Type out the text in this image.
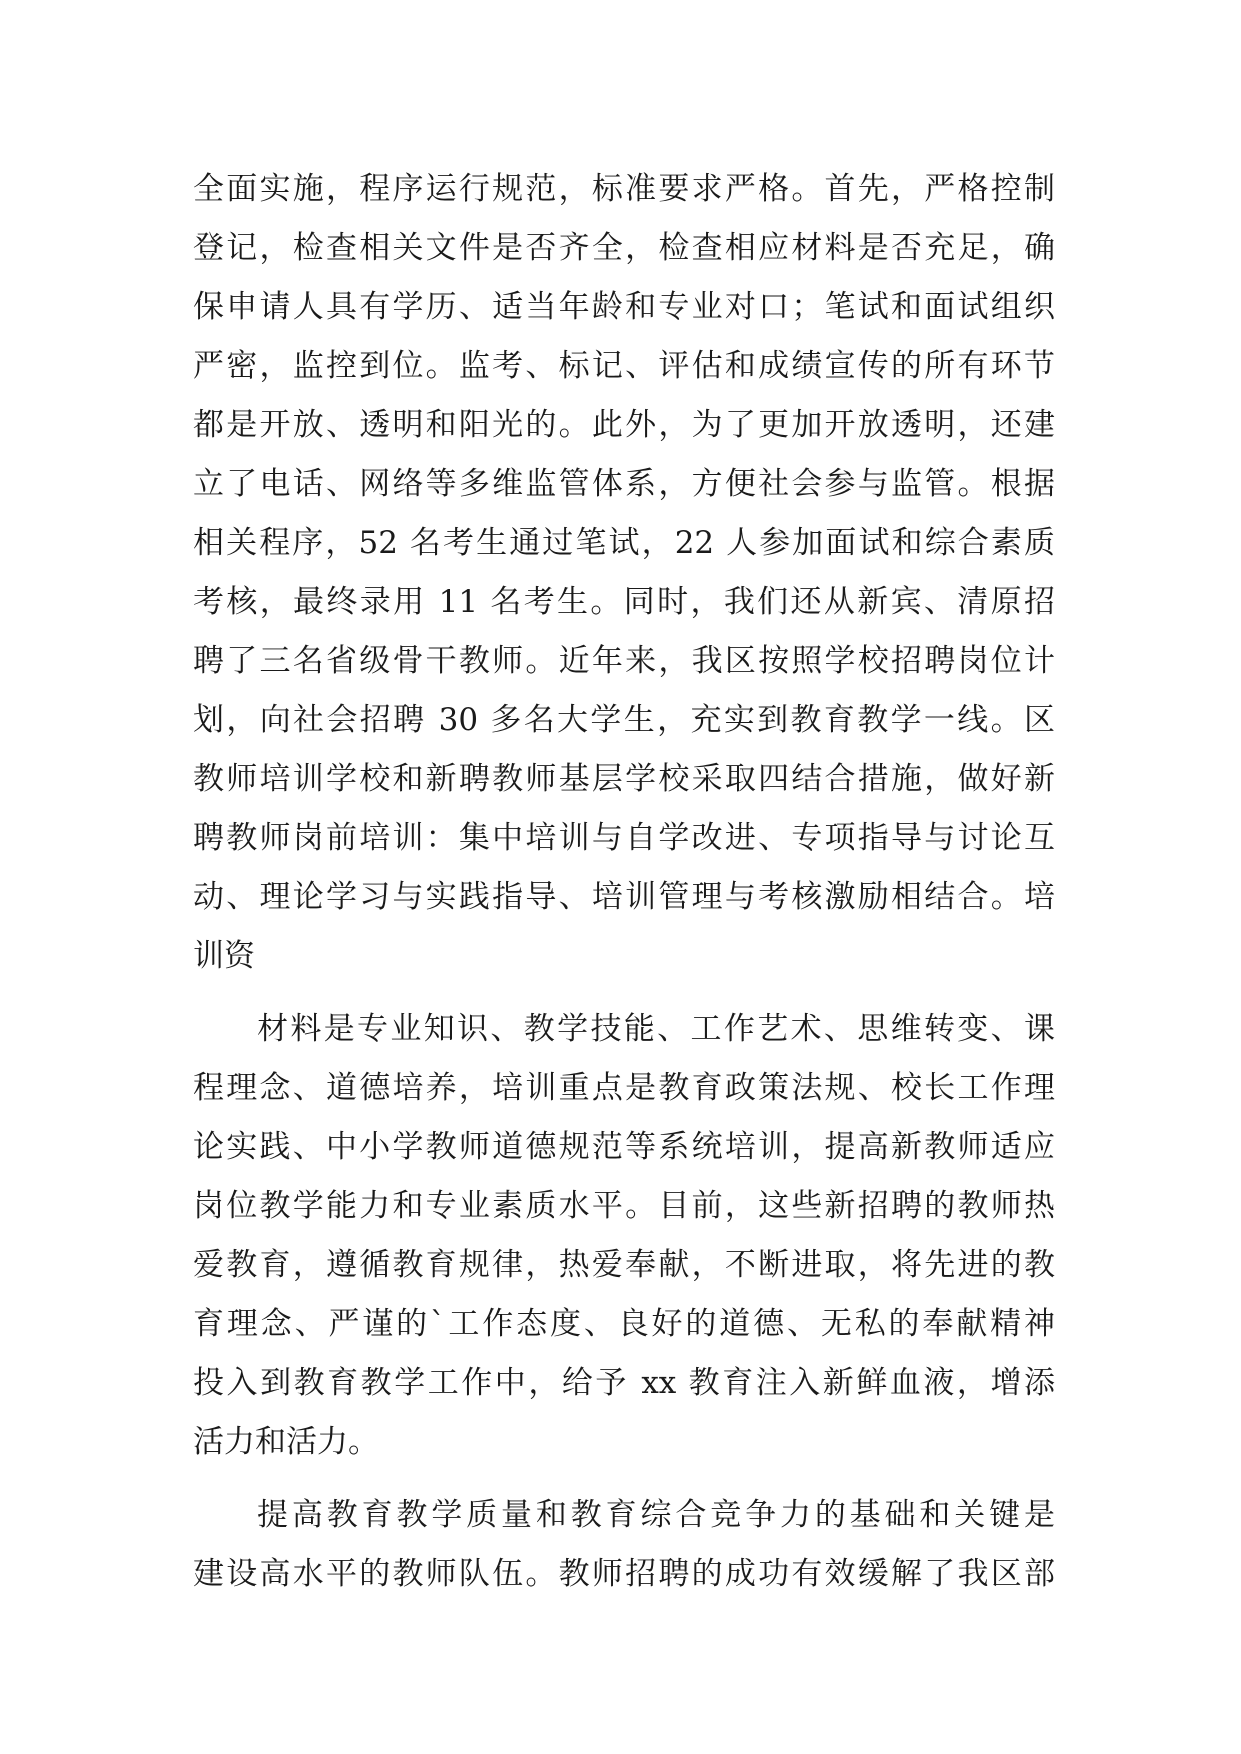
全面实施，程序运行规范，标准要求严格。首先，严格控制
登记，检查相关文件是否齐全，检查相应材料是否充足，确
保申请人具有学历、适当年龄和专业对口；笔试和面试组织
严密，监控到位。监考、标记、评估和成绩宣传的所有环节
都是开放、透明和阳光的。此外，为了更加开放透明，还建
立了电话、网络等多维监管体系，方便社会参与监管。根据
相关程序，52 名考生通过笔试，22 人参加面试和综合素质
考核，最终录用 11 名考生。同时，我们还从新宾、清原招
聘了三名省级骨干教师。近年来，我区按照学校招聘岗位计
划，向社会招聘 30 多名大学生，充实到教育教学一线。区
教师培训学校和新聘教师基层学校采取四结合措施，做好新
聘教师岗前培训：集中培训与自学改进、专项指导与讨论互
动、理论学习与实践指导、培训管理与考核激励相结合。培
训资
材料是专业知识、教学技能、工作艺术、思维转变、课
程理念、道德培养，培训重点是教育政策法规、校长工作理
论实践、中小学教师道德规范等系统培训，提高新教师适应
岗位教学能力和专业素质水平。目前，这些新招聘的教师热
爱教育，遵循教育规律，热爱奉献，不断进取，将先进的教
育理念、严谨的`工作态度、良好的道德、无私的奉献精神
投入到教育教学工作中，给予 xx 教育注入新鲜血液，增添
活力和活力。
提高教育教学质量和教育综合竞争力的基础和关键是
建设高水平的教师队伍。教师招聘的成功有效缓解了我区部
